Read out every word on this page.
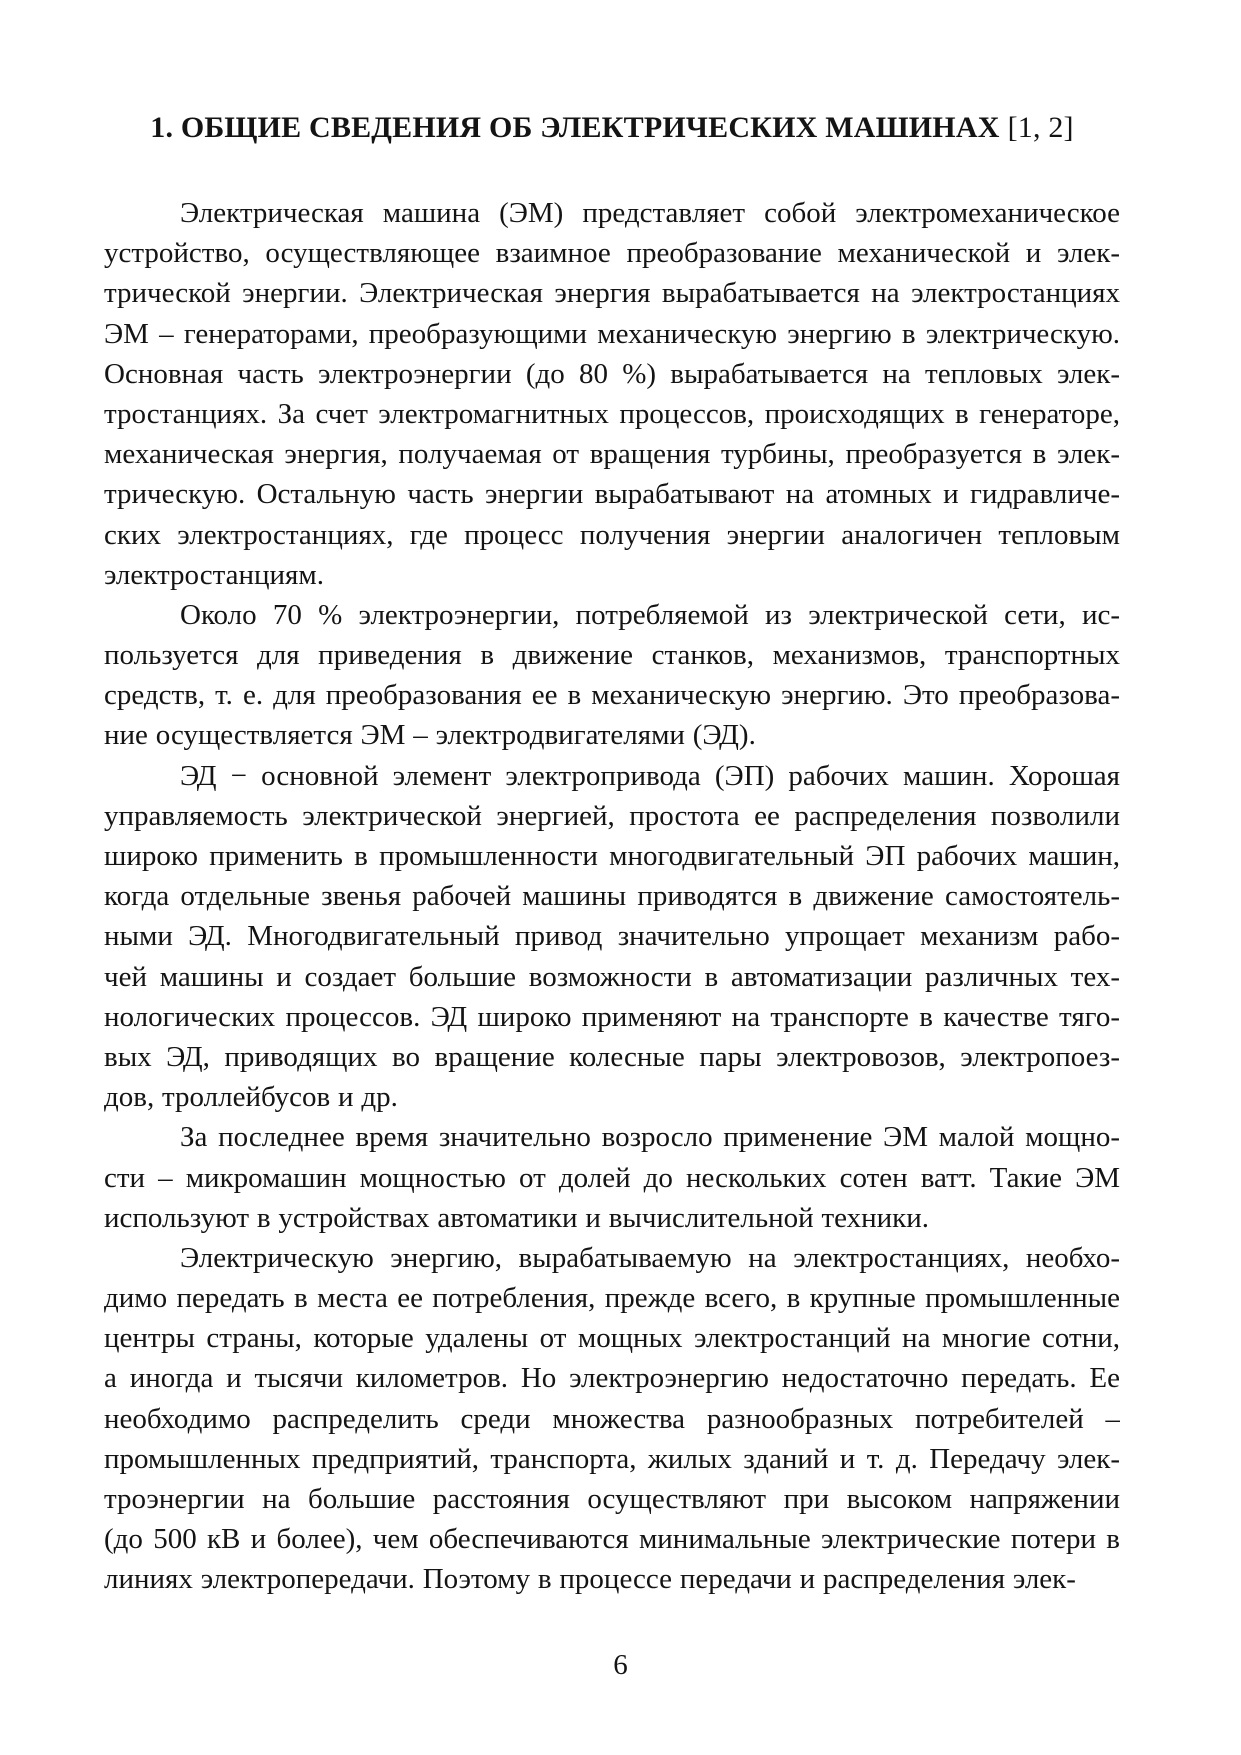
1. ОБЩИЕ СВЕДЕНИЯ ОБ ЭЛЕКТРИЧЕСКИХ МАШИНАХ [1, 2]
Электрическая машина (ЭМ) представляет собой электромеханическое
устройство, осуществляющее взаимное преобразование механической и элек-
трической энергии. Электрическая энергия вырабатывается на электростанциях
ЭМ – генераторами, преобразующими механическую энергию в электрическую.
Основная часть электроэнергии (до 80 %) вырабатывается на тепловых элек-
тростанциях. За счет электромагнитных процессов, происходящих в генераторе,
механическая энергия, получаемая от вращения турбины, преобразуется в элек-
трическую. Остальную часть энергии вырабатывают на атомных и гидравличе-
ских электростанциях, где процесс получения энергии аналогичен тепловым
электростанциям.
Около 70 % электроэнергии, потребляемой из электрической сети, ис-
пользуется для приведения в движение станков, механизмов, транспортных
средств, т. е. для преобразования ее в механическую энергию. Это преобразова-
ние осуществляется ЭМ – электродвигателями (ЭД).
ЭД − основной элемент электропривода (ЭП) рабочих машин. Хорошая
управляемость электрической энергией, простота ее распределения позволили
широко применить в промышленности многодвигательный ЭП рабочих машин,
когда отдельные звенья рабочей машины приводятся в движение самостоятель-
ными ЭД. Многодвигательный привод значительно упрощает механизм рабо-
чей машины и создает большие возможности в автоматизации различных тех-
нологических процессов. ЭД широко применяют на транспорте в качестве тяго-
вых ЭД, приводящих во вращение колесные пары электровозов, электропоез-
дов, троллейбусов и др.
За последнее время значительно возросло применение ЭМ малой мощно-
сти – микромашин мощностью от долей до нескольких сотен ватт. Такие ЭМ
используют в устройствах автоматики и вычислительной техники.
Электрическую энергию, вырабатываемую на электростанциях, необхо-
димо передать в места ее потребления, прежде всего, в крупные промышленные
центры страны, которые удалены от мощных электростанций на многие сотни,
а иногда и тысячи километров. Но электроэнергию недостаточно передать. Ее
необходимо распределить среди множества разнообразных потребителей –
промышленных предприятий, транспорта, жилых зданий и т. д. Передачу элек-
троэнергии на большие расстояния осуществляют при высоком напряжении
(до 500 кВ и более), чем обеспечиваются минимальные электрические потери в
линиях электропередачи. Поэтому в процессе передачи и распределения элек-
6
